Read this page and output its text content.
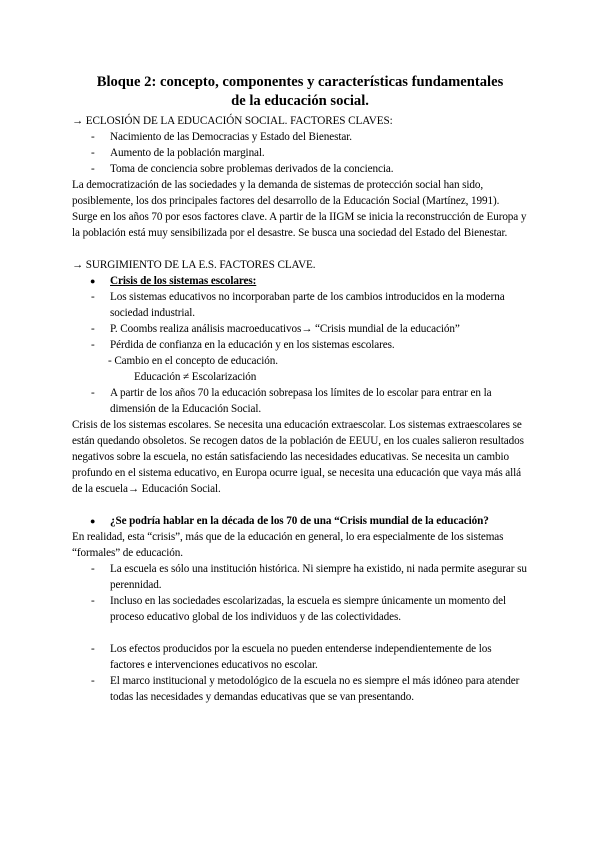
Bloque 2: concepto, componentes y características fundamentales
de la educación social.
→ ECLOSIÓN DE LA EDUCACIÓN SOCIAL. FACTORES CLAVES:
- Nacimiento de las Democracias y Estado del Bienestar.
- Aumento de la población marginal.
- Toma de conciencia sobre problemas derivados de la conciencia.

La democratización de las sociedades y la demanda de sistemas de protección social han sido, posiblemente, los dos principales factores del desarrollo de la Educación Social (Martínez, 1991).

Surge en los años 70 por esos factores clave. A partir de la IIGM se inicia la reconstrucción de Europa y la población está muy sensibilizada por el desastre. Se busca una sociedad del Estado del Bienestar.

→ SURGIMIENTO DE LA E.S. FACTORES CLAVE.
● Crisis de los sistemas escolares:
- Los sistemas educativos no incorporaban parte de los cambios introducidos en la moderna sociedad industrial.
- P. Coombs realiza análisis macroeducativos→ “Crisis mundial de la educación”
- Pérdida de confianza en la educación y en los sistemas escolares.
- Cambio en el concepto de educación.
Educación ≠ Escolarización
- A partir de los años 70 la educación sobrepasa los límites de lo escolar para entrar en la dimensión de la Educación Social.

Crisis de los sistemas escolares. Se necesita una educación extraescolar. Los sistemas extraescolares se están quedando obsoletos. Se recogen datos de la población de EEUU, en los cuales salieron resultados negativos sobre la escuela, no están satisfaciendo las necesidades educativas. Se necesita un cambio profundo en el sistema educativo, en Europa ocurre igual, se necesita una educación que vaya más allá de la escuela→ Educación Social.

● ¿Se podría hablar en la década de los 70 de una “Crisis mundial de la educación?

En realidad, esta “crisis”, más que de la educación en general, lo era especialmente de los sistemas “formales” de educación.

- La escuela es sólo una institución histórica. Ni siempre ha existido, ni nada permite asegurar su perennidad.
- Incluso en las sociedades escolarizadas, la escuela es siempre únicamente un momento del proceso educativo global de los individuos y de las colectividades.
- Los efectos producidos por la escuela no pueden entenderse independientemente de los factores e intervenciones educativos no escolar.
- El marco institucional y metodológico de la escuela no es siempre el más idóneo para atender todas las necesidades y demandas educativas que se van presentando.
